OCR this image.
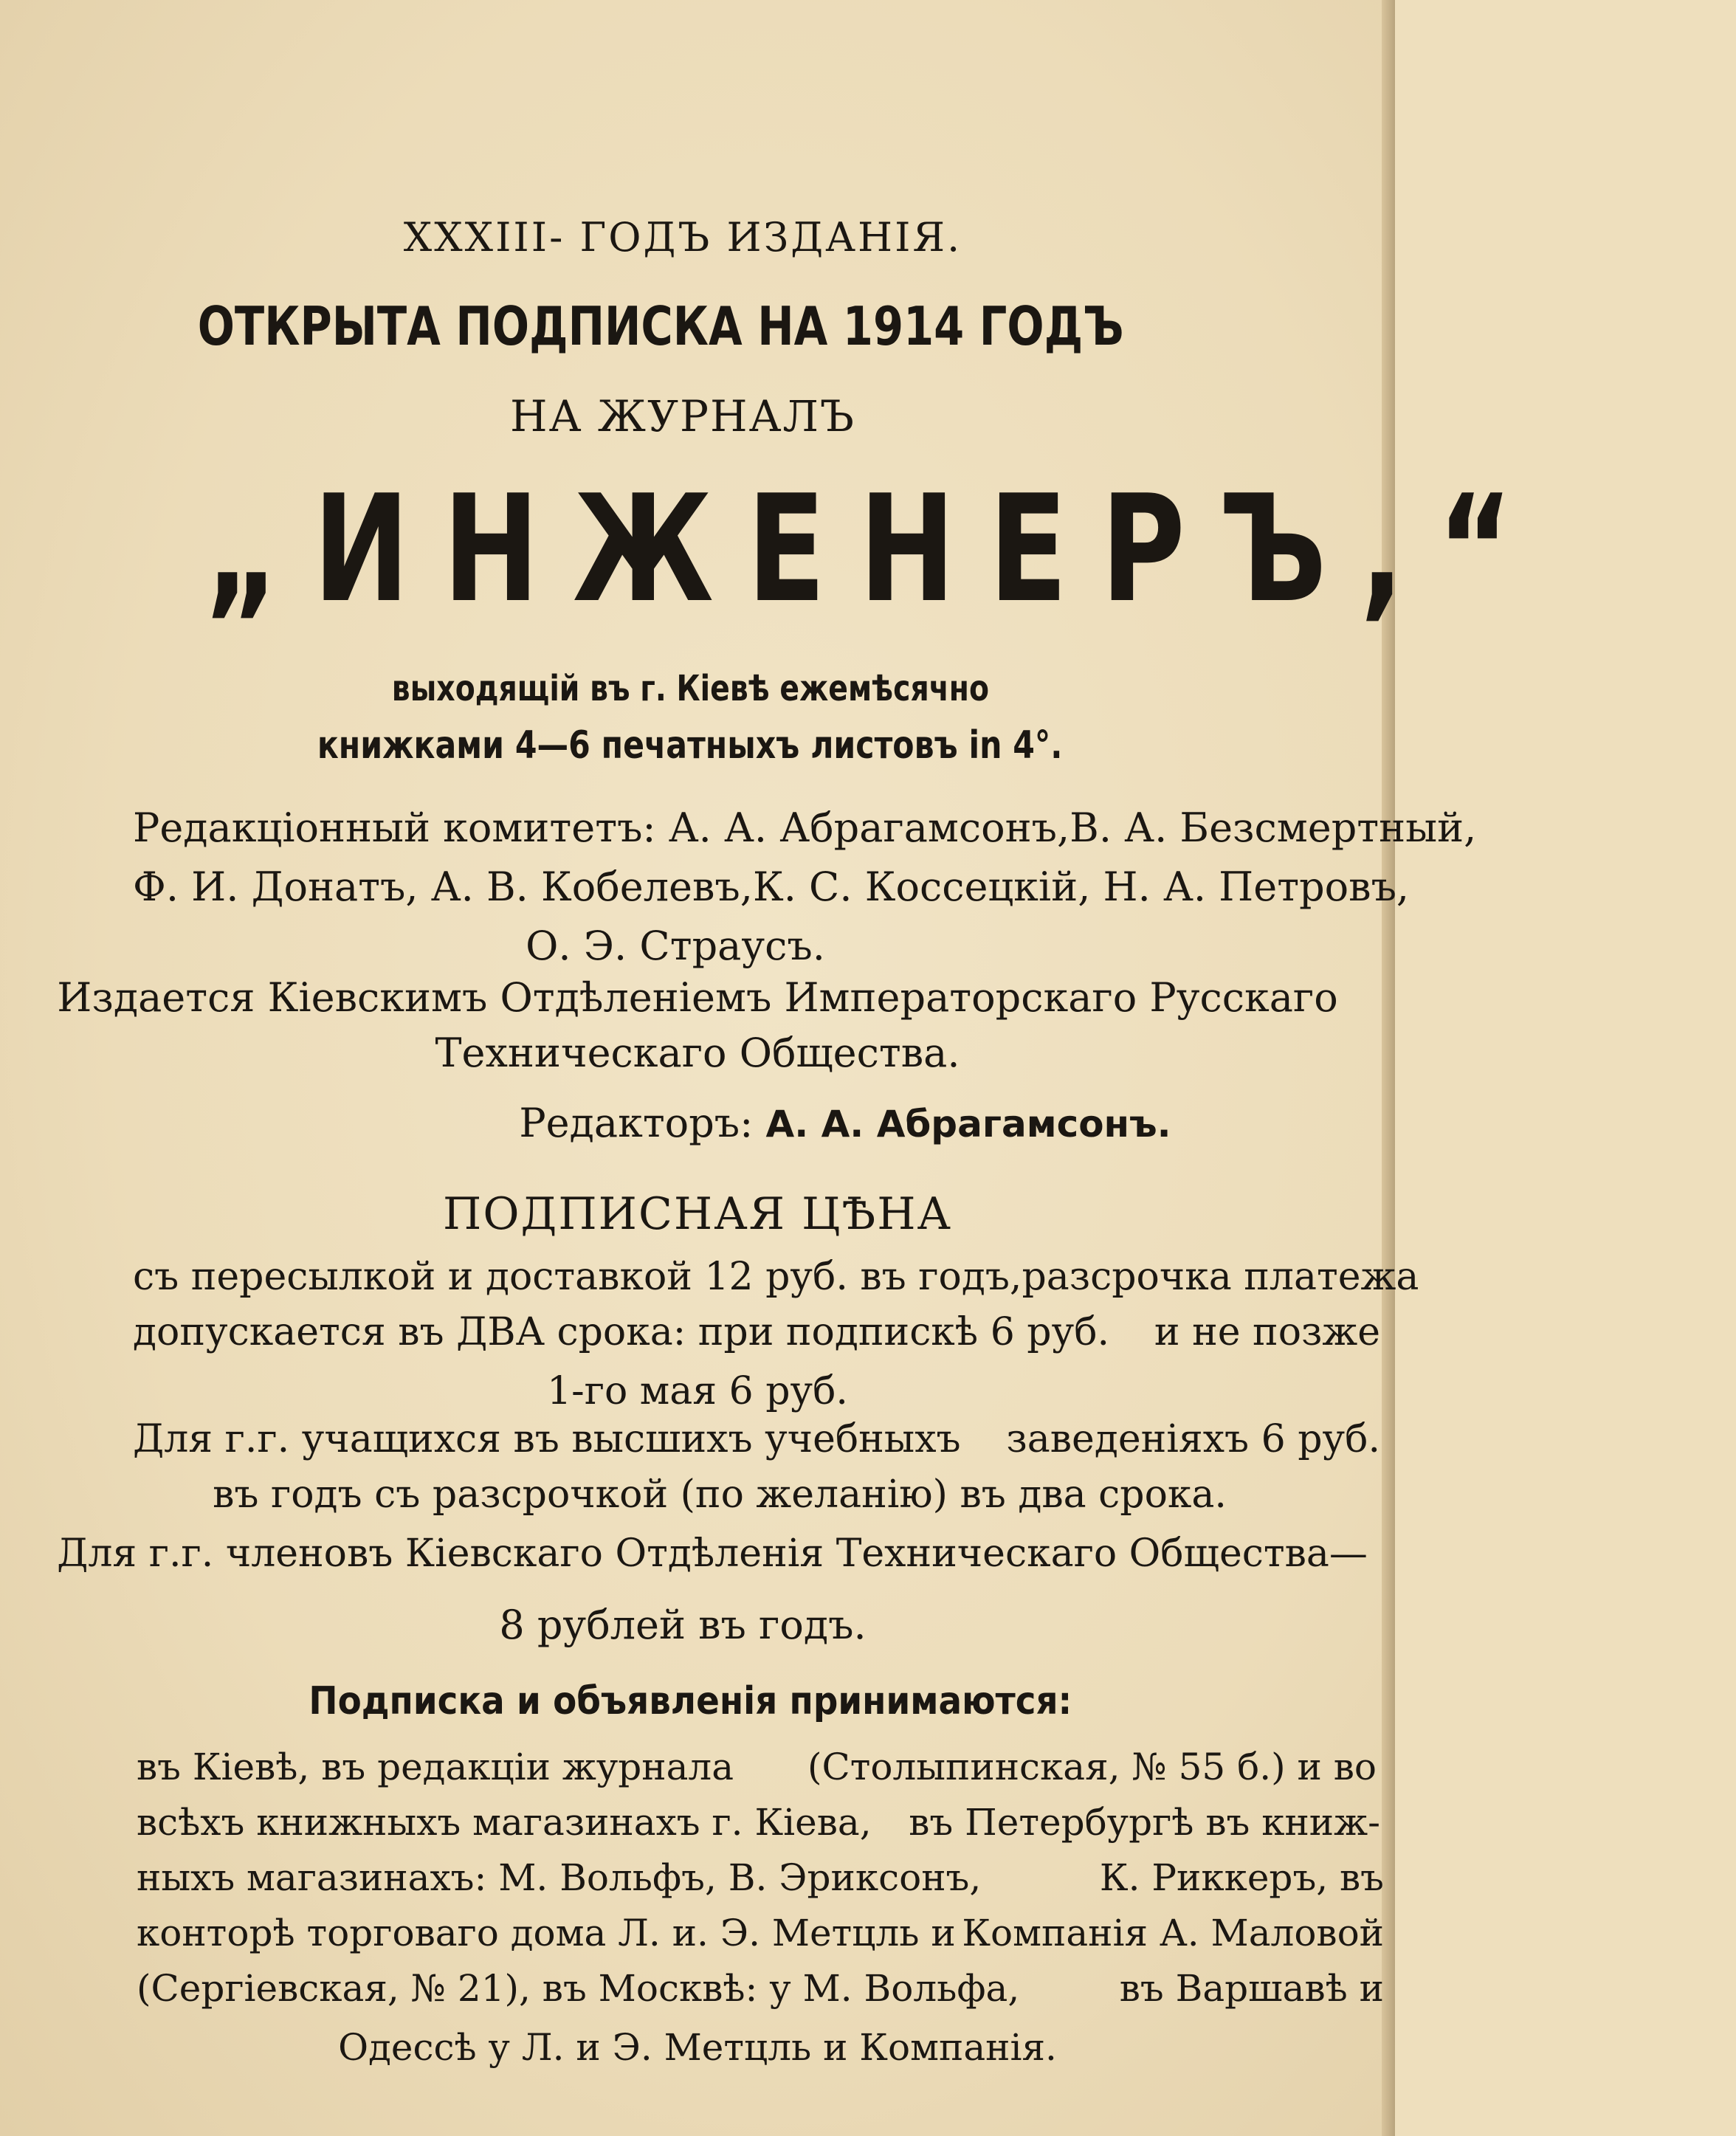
XXXIII- ГОДЪ ИЗДАНІЯ.
ОТКРЫТА ПОДПИСКА НА 1914 ГОДЪ
НА ЖУРНАЛЪ
„ИНЖЕНЕРЪ,“
выходящій въ г. Кіевѣ ежемѣсячно
книжками 4—6 печатныхъ листовъ in 4°.
Редакціонный комитетъ: А. А. Абрагамсонъ, В. А. Безсмертный,
Ф. И. Донатъ, А. В. Кобелевъ, К. С. Коссецкій, Н. А. Петровъ,
О. Э. Страусъ.
Издается Кіевскимъ Отдѣленіемъ Императорскаго Русскаго
Техническаго Общества.
Редакторъ: А. А. Абрагамсонъ.
ПОДПИСНАЯ ЦѢНА
съ пересылкой и доставкой 12 руб. въ годъ, разсрочка платежа
допускается въ ДВА срока: при подпискѣ 6 руб. и не позже
1-го мая 6 руб.
Для г.г. учащихся въ высшихъ учебныхъ заведеніяхъ 6 руб.
въ годъ съ разсрочкой (по желанію) въ два срока.
Для г.г. членовъ Кіевскаго Отдѣленія Техническаго Общества—
8 рублей въ годъ.
Подписка и объявленія принимаются:
въ Кіевѣ, въ редакціи журнала (Столыпинская, № 55 б.) и во
всѣхъ книжныхъ магазинахъ г. Кіева, въ Петербургѣ въ книж-
ныхъ магазинахъ: М. Вольфъ, В. Эриксонъ,	К. Риккеръ, въ
конторѣ торговаго дома Л. и. Э. Метцль и Компанія А. Маловой
(Сергіевская, № 21), въ Москвѣ: у М. Вольфа,	въ Варшавѣ и
Одессѣ у Л. и Э. Метцль и Компанія.
